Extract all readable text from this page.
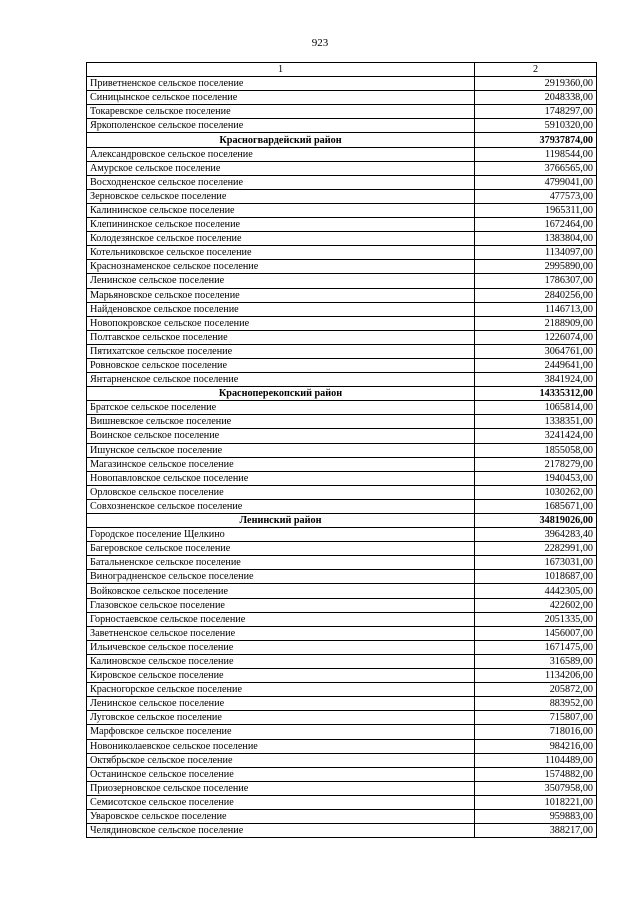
923
1	2
Приветненское сельское поселение	2919360,00
Синицынское сельское поселение	2048338,00
Токаревское сельское поселение	1748297,00
Яркополенское сельское поселение	5910320,00
Красногвардейский район	37937874,00
Александровское сельское поселение	1198544,00
Амурское сельское поселение	3766565,00
Восходненское сельское поселение	4799041,00
Зерновское сельское поселение	477573,00
Калининское сельское поселение	1965311,00
Клепининское сельское поселение	1672464,00
Колодезянское сельское поселение	1383804,00
Котельниковское сельское поселение	1134097,00
Краснознаменское сельское поселение	2995890,00
Ленинское сельское поселение	1786307,00
Марьяновское сельское поселение	2840256,00
Найденовское сельское поселение	1146713,00
Новопокровское сельское поселение	2188909,00
Полтавское сельское поселение	1226074,00
Пятихатское сельское поселение	3064761,00
Ровновское сельское поселение	2449641,00
Янтарненское сельское поселение	3841924,00
Красноперекопский район	14335312,00
Братское сельское поселение	1065814,00
Вишневское сельское поселение	1338351,00
Воинское сельское поселение	3241424,00
Ишунское сельское поселение	1855058,00
Магазинское сельское поселение	2178279,00
Новопавловское сельское поселение	1940453,00
Орловское сельское поселение	1030262,00
Совхозненское сельское поселение	1685671,00
Ленинский район	34819026,00
Городское поселение Щелкино	3964283,40
Багеровское сельское поселение	2282991,00
Батальненское сельское поселение	1673031,00
Виноградненское сельское поселение	1018687,00
Войковское сельское поселение	4442305,00
Глазовское сельское поселение	422602,00
Горностаевское сельское поселение	2051335,00
Заветненское сельское поселение	1456007,00
Ильичевское сельское поселение	1671475,00
Калиновское сельское поселение	316589,00
Кировское сельское поселение	1134206,00
Красногорское сельское поселение	205872,00
Ленинское сельское поселение	883952,00
Луговское сельское поселение	715807,00
Марфовское сельское поселение	718016,00
Новониколаевское сельское поселение	984216,00
Октябрьское сельское поселение	1104489,00
Останинское сельское поселение	1574882,00
Приозерновское сельское поселение	3507958,00
Семисотское сельское поселение	1018221,00
Уваровское сельское поселение	959883,00
Челядиновское сельское поселение	388217,00
